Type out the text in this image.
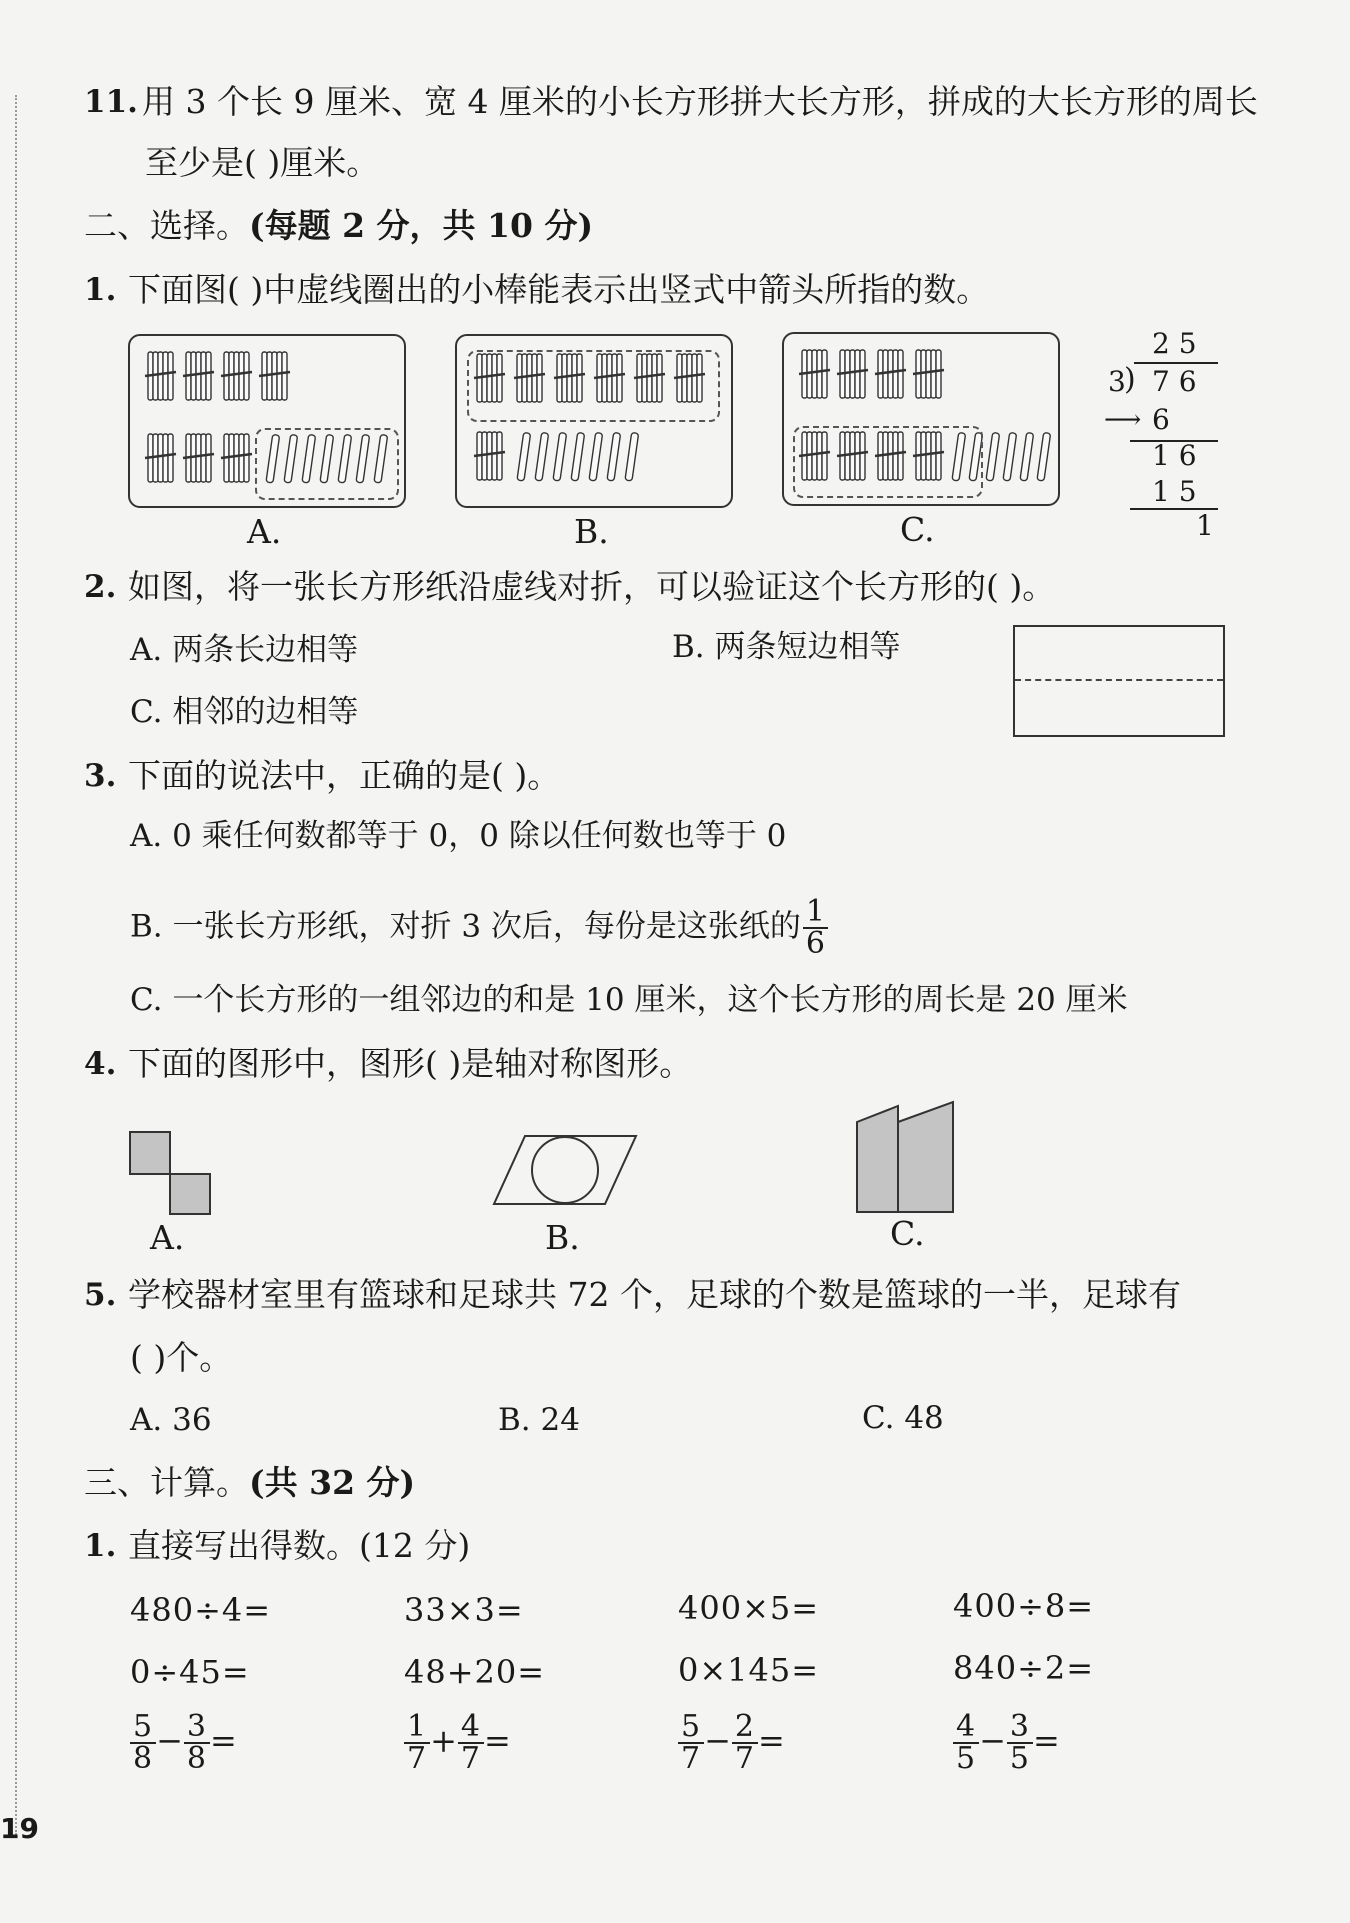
11. 用 3 个长 9 厘米、宽 4 厘米的小长方形拼大长方形，拼成的大长方形的周长
至少是( )厘米。
二、选择。(每题 2 分，共 10 分)
1. 下面图( )中虚线圈出的小棒能表示出竖式中箭头所指的数。
A.	B.	C.
2 5
3
) 7 6
⟶ 6
1 6
1 5
1
2. 如图，将一张长方形纸沿虚线对折，可以验证这个长方形的( )。
A. 两条长边相等	B. 两条短边相等
C. 相邻的边相等
3. 下面的说法中，正确的是( )。
A. 0 乘任何数都等于 0，0 除以任何数也等于 0
B. 一张长方形纸，对折 3 次后，每份是这张纸的 $\frac{1}{6}$
C. 一个长方形的一组邻边的和是 10 厘米，这个长方形的周长是 20 厘米
4. 下面的图形中，图形( )是轴对称图形。
A.	B.	C.
5. 学校器材室里有篮球和足球共 72 个，足球的个数是篮球的一半，足球有
( )个。
A. 36	B. 24	C. 48
三、计算。(共 32 分)
1. 直接写出得数。(12 分)
480÷4=	33×3=	400×5=	400÷8=
0÷45=	48+20=	0×145=	840÷2=
$\frac{5}{8} - \frac{3}{8}$ =	$\frac{1}{7} + \frac{4}{7}$ =	$\frac{5}{7} - \frac{2}{7}$ =	$\frac{4}{5} - \frac{3}{5}$ =
19
